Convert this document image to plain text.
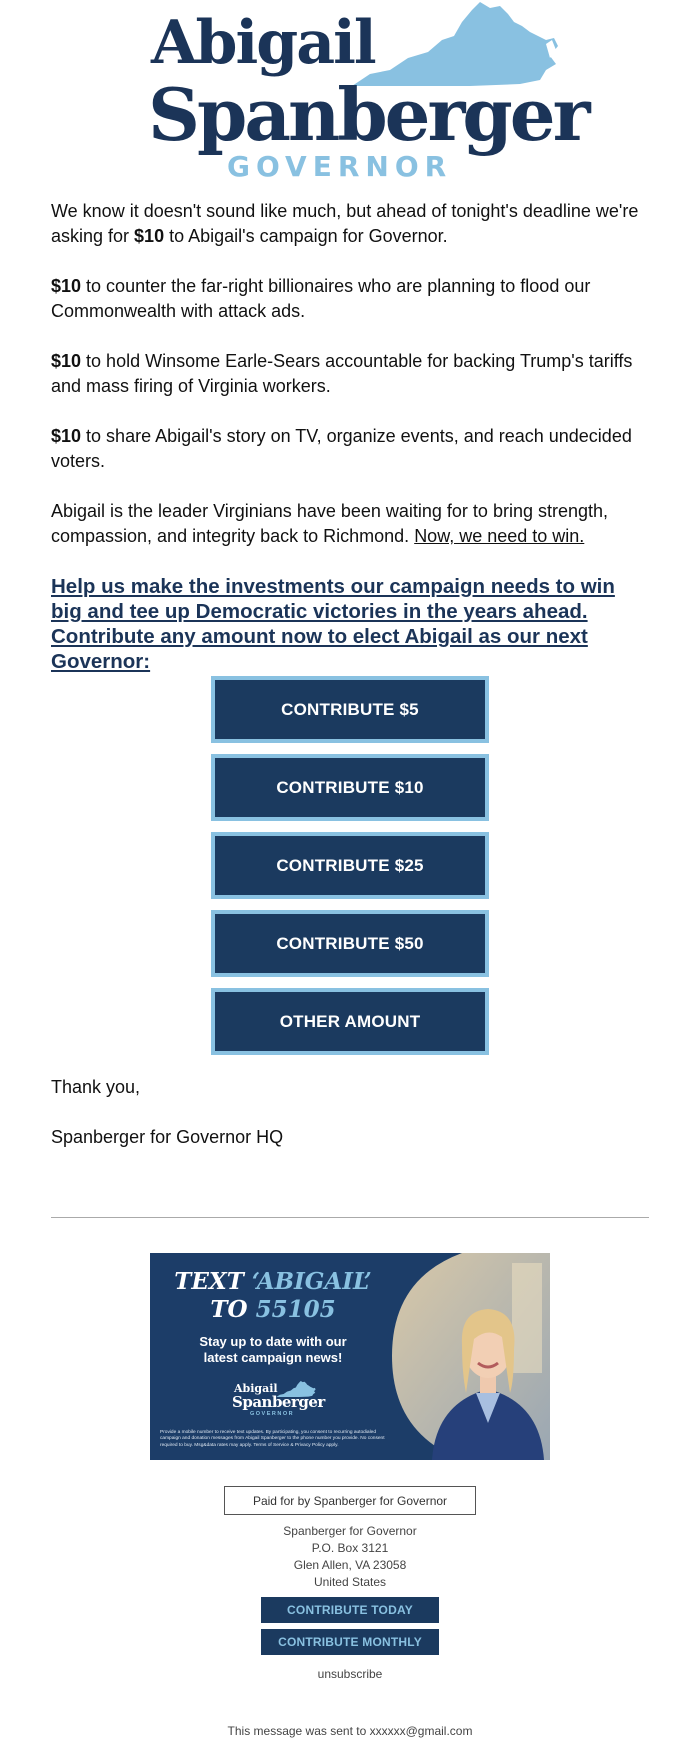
Abigail
Spanberger
GOVERNOR

We know it doesn't sound like much, but ahead of tonight's deadline we're asking for $10 to Abigail's campaign for Governor.

$10 to counter the far-right billionaires who are planning to flood our Commonwealth with attack ads.

$10 to hold Winsome Earle-Sears accountable for backing Trump's tariffs and mass firing of Virginia workers.

$10 to share Abigail's story on TV, organize events, and reach undecided voters.

Abigail is the leader Virginians have been waiting for to bring strength, compassion, and integrity back to Richmond. Now, we need to win.

Help us make the investments our campaign needs to win big and tee up Democratic victories in the years ahead. Contribute any amount now to elect Abigail as our next Governor:
CONTRIBUTE $5
CONTRIBUTE $10
CONTRIBUTE $25
CONTRIBUTE $50
OTHER AMOUNT
Thank you,
Spanberger for Governor HQ
TEXT ‘ABIGAIL’
TO 55105
Stay up to date with our
latest campaign news!
Abigail
Spanberger
GOVERNOR
Provide a mobile number to receive text updates. By participating, you consent to recurring autodialed campaign and donation messages from Abigail Spanberger to the phone number you provide. No consent required to buy. Msg&data rates may apply. Terms of Service & Privacy Policy apply.
Paid for by Spanberger for Governor
Spanberger for Governor
P.O. Box 3121
Glen Allen, VA 23058
United States
CONTRIBUTE TODAY
CONTRIBUTE MONTHLY
unsubscribe
This message was sent to xxxxxx@gmail.com
